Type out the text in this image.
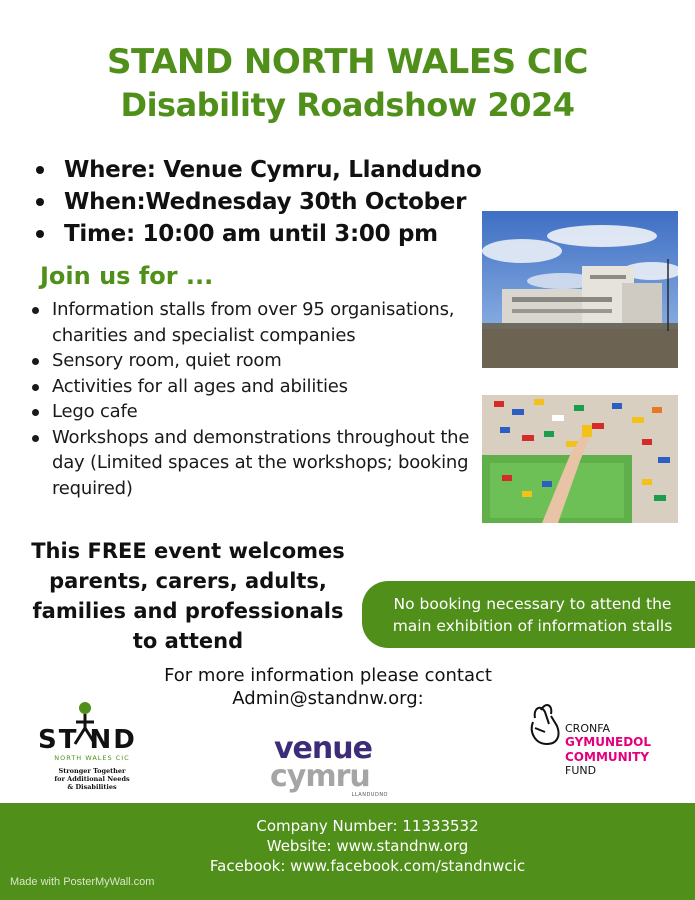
STAND NORTH WALES CIC
Disability Roadshow 2024
Where: Venue Cymru, Llandudno
When:Wednesday 30th October
Time: 10:00 am until 3:00 pm
Join us for ...
Information stalls from over 95 organisations, charities and specialist companies
Sensory room, quiet room
Activities for all ages and abilities
Lego cafe
Workshops and demonstrations throughout the day (Limited spaces at the workshops; booking required)
This FREE event welcomes
parents, carers, adults,
families and professionals
to attend
No booking necessary to attend the
main exhibition of information stalls
For more information please contact
Admin@standnw.org:
ST ND
NORTH WALES CIC
Stronger Together
for Additional Needs
& Disabilities
venue
cymru
LLANDUDNO
CRONFA
GYMUNEDOL
COMMUNITY
FUND
Company Number: 11333532
Website: www.standnw.org
Facebook: www.facebook.com/standnwcic
Made with PosterMyWall.com
